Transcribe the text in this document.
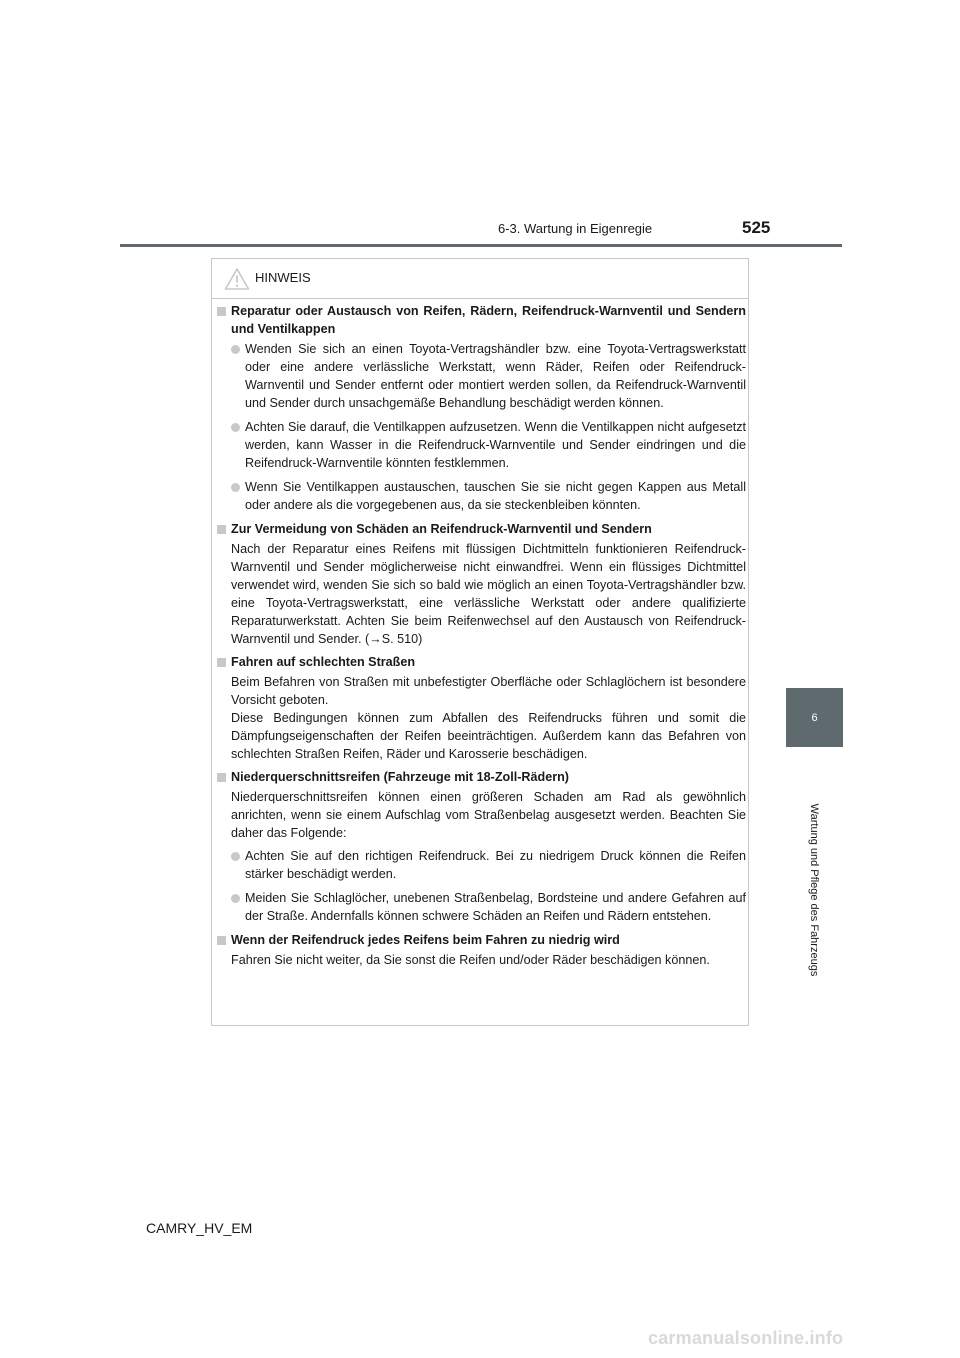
6-3. Wartung in Eigenregie	525
6
Wartung und Pflege des Fahrzeugs
HINWEIS
Reparatur oder Austausch von Reifen, Rädern, Reifendruck-Warnventil und Sendern und Ventilkappen
Wenden Sie sich an einen Toyota-Vertragshändler bzw. eine Toyota-Vertragswerkstatt oder eine andere verlässliche Werkstatt, wenn Räder, Reifen oder Reifendruck-Warnventil und Sender entfernt oder montiert werden sollen, da Reifendruck-Warnventil und Sender durch unsachgemäße Behandlung beschädigt werden können.
Achten Sie darauf, die Ventilkappen aufzusetzen. Wenn die Ventilkappen nicht aufgesetzt werden, kann Wasser in die Reifendruck-Warnventile und Sender eindringen und die Reifendruck-Warnventile könnten festklemmen.
Wenn Sie Ventilkappen austauschen, tauschen Sie sie nicht gegen Kappen aus Metall oder andere als die vorgegebenen aus, da sie steckenbleiben könnten.
Zur Vermeidung von Schäden an Reifendruck-Warnventil und Sendern
Nach der Reparatur eines Reifens mit flüssigen Dichtmitteln funktionieren Reifendruck-Warnventil und Sender möglicherweise nicht einwandfrei. Wenn ein flüssiges Dichtmittel verwendet wird, wenden Sie sich so bald wie möglich an einen Toyota-Vertragshändler bzw. eine Toyota-Vertragswerkstatt, eine verlässliche Werkstatt oder andere qualifizierte Reparaturwerkstatt. Achten Sie beim Reifenwechsel auf den Austausch von Reifendruck-Warnventil und Sender. (→S. 510)
Fahren auf schlechten Straßen
Beim Befahren von Straßen mit unbefestigter Oberfläche oder Schlaglöchern ist besondere Vorsicht geboten.
Diese Bedingungen können zum Abfallen des Reifendrucks führen und somit die Dämpfungseigenschaften der Reifen beeinträchtigen. Außerdem kann das Befahren von schlechten Straßen Reifen, Räder und Karosserie beschädigen.
Niederquerschnittsreifen (Fahrzeuge mit 18-Zoll-Rädern)
Niederquerschnittsreifen können einen größeren Schaden am Rad als gewöhnlich anrichten, wenn sie einem Aufschlag vom Straßenbelag ausgesetzt werden. Beachten Sie daher das Folgende:
Achten Sie auf den richtigen Reifendruck. Bei zu niedrigem Druck können die Reifen stärker beschädigt werden.
Meiden Sie Schlaglöcher, unebenen Straßenbelag, Bordsteine und andere Gefahren auf der Straße. Andernfalls können schwere Schäden an Reifen und Rädern entstehen.
Wenn der Reifendruck jedes Reifens beim Fahren zu niedrig wird
Fahren Sie nicht weiter, da Sie sonst die Reifen und/oder Räder beschädigen können.
CAMRY_HV_EM
carmanualsonline.info
